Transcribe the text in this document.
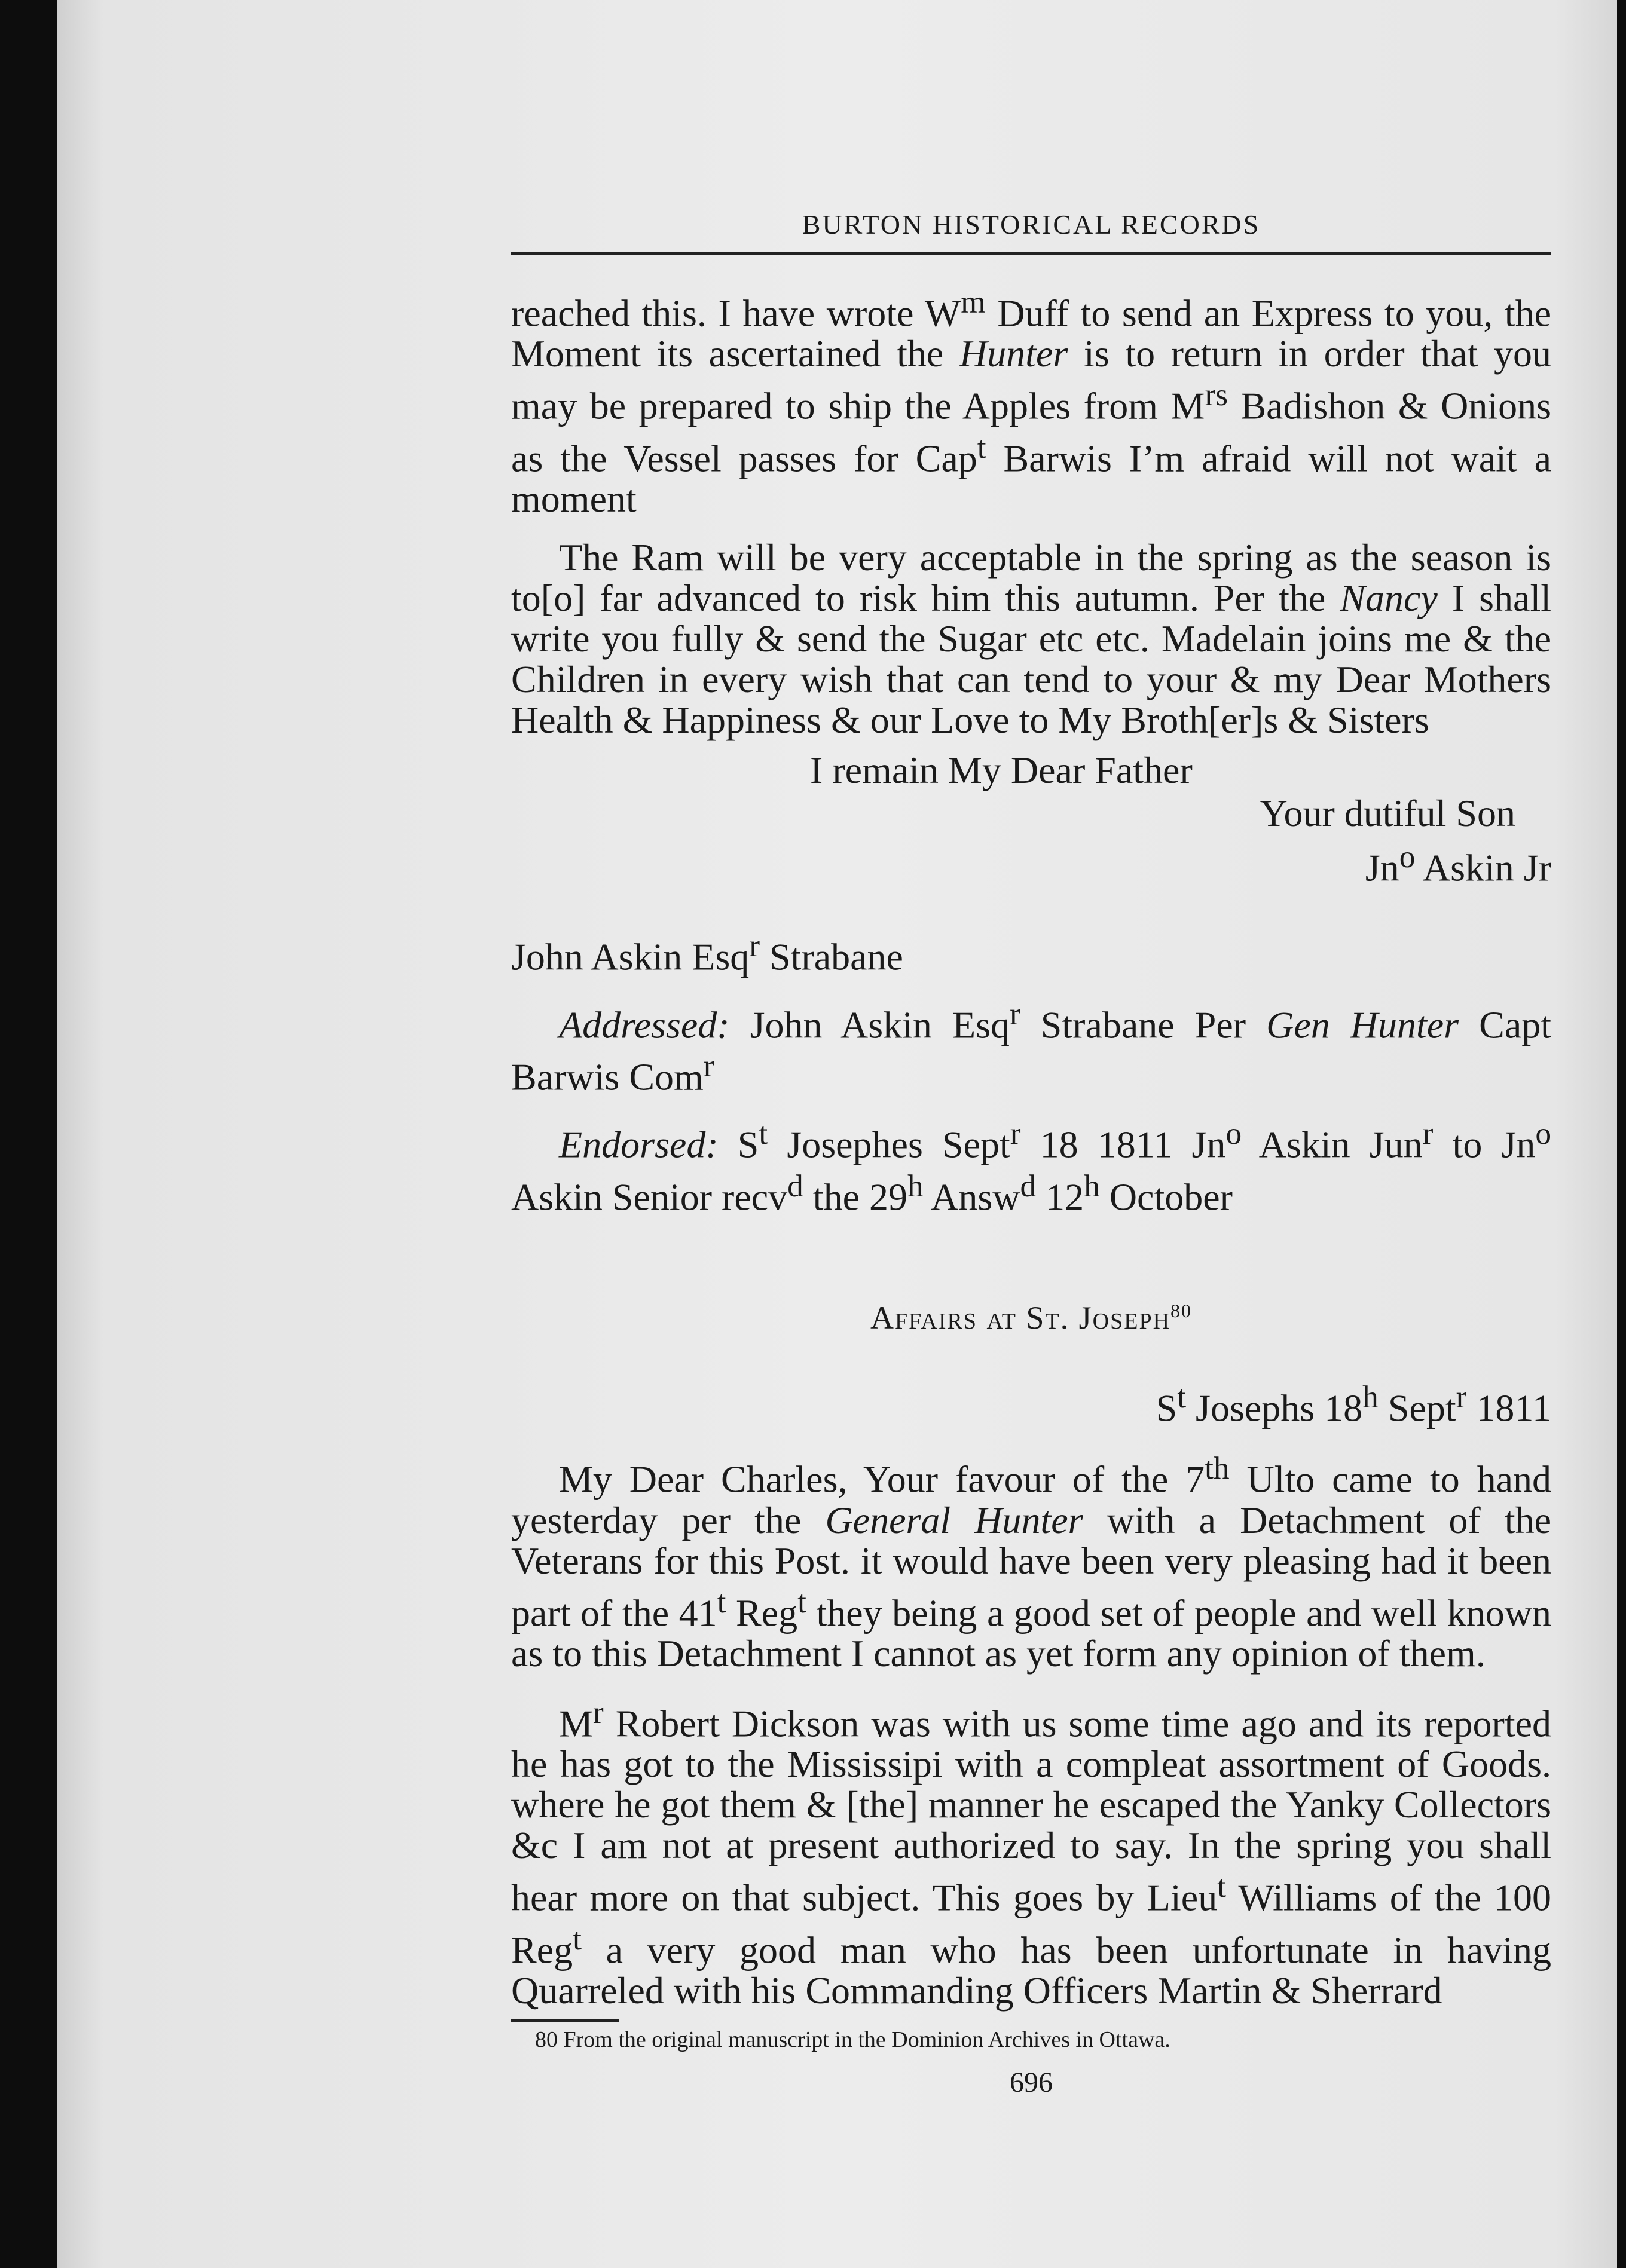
BURTON HISTORICAL RECORDS
reached this. I have wrote $W^m$ Duff to send an Express to you, the Moment its ascertained the Hunter is to return in order that you may be prepared to ship the Apples from $M^{rs}$ Badishon & Onions as the Vessel passes for Cap$^t$ Barwis I’m afraid will not wait a moment
The Ram will be very acceptable in the spring as the season is to[o] far advanced to risk him this autumn. Per the Nancy I shall write you fully & send the Sugar etc etc. Madelain joins me & the Children in every wish that can tend to your & my Dear Mothers Health & Happiness & our Love to My Broth[er]s & Sisters
I remain My Dear Father
Your dutiful Son
Jn$^o$ Askin Jr
John Askin Esq$^r$ Strabane
Addressed: John Askin Esq$^r$ Strabane Per Gen Hunter Capt Barwis Com$^r$
Endorsed: $S^t$ Josephes Sept$^r$ 18 1811 Jn$^o$ Askin Jun$^r$ to Jn$^o$ Askin Senior recv$^d$ the 29$^h$ Answ$^d$ 12$^h$ October
Affairs at St. Joseph$^{80}$
$S^t$ Josephs 18$^h$ Sept$^r$ 1811
My Dear Charles, Your favour of the 7th Ulto came to hand yesterday per the General Hunter with a Detachment of the Veterans for this Post. it would have been very pleasing had it been part of the 41$^t$ Reg$^t$ they being a good set of people and well known as to this Detachment I cannot as yet form any opinion of them.
$M^r$ Robert Dickson was with us some time ago and its reported he has got to the Mississipi with a compleat assortment of Goods. where he got them & [the] manner he escaped the Yanky Collectors &c I am not at present authorized to say. In the spring you shall hear more on that subject. This goes by Lieu$^t$ Williams of the 100 Reg$^t$ a very good man who has been unfortunate in having Quarreled with his Commanding Officers Martin & Sherrard
80 From the original manuscript in the Dominion Archives in Ottawa.
696
